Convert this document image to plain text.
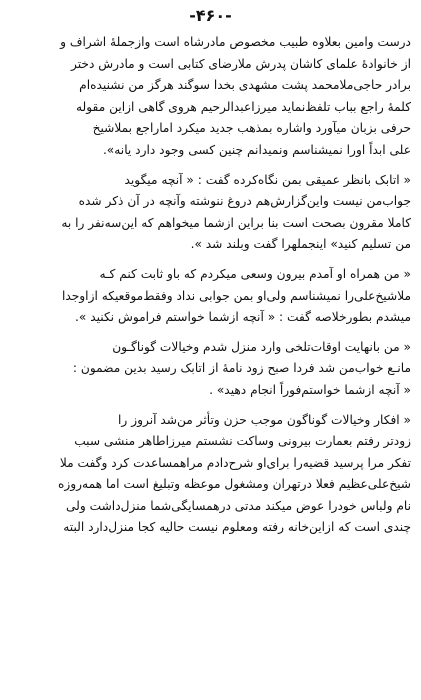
-۴۶۰-
درست وامین بعلاوه طبیب مخصوص مادرشاه است وازجملهٔ اشراف و
از خانوادهٔ علمای کاشان پدرش ملارضای کتابی است و مادرش دختر
برادر حاجی‌ملامحمد پشت مشهدی بخدا سوگند هرگز من نشنیده‌ام
کلمهٔ راجع بباب تلفظ‌نماید میرزاعبدالرحیم هروی گاهی ازاین مقوله
حرفی بزبان میآورد واشاره بمذهب جدید میکرد اماراجع بملاشیخ
علی ابداً اورا نمیشناسم ونمیدانم چنین کسی وجود دارد یانه».
« اتابک بانظر عمیقی بمن نگاه‌کرده گفت : « آنچه میگوید
جواب‌من نیست واین‌گزارش‌هم دروغ ننوشته وآنچه در آن ذکر شده
کاملا مقرون بصحت است بنا براین ازشما میخواهم که این‌سه‌نفر را به
من تسلیم کنید» اینجملهرا گفت وبلند شد ».
« من همراه او آمدم بیرون وسعی میکردم که باو ثابت کنم کـه
ملاشیخ‌علی‌را نمیشناسم ولی‌او بمن جوابی نداد وفقط‌موقعیکه ازاوجدا
میشدم بطورخلاصه گفت : « آنچه ازشما خواستم فراموش نکنید ».
« من بانهایت اوقات‌تلخی وارد منزل شدم وخیالات گوناگـون
مانـع خواب‌من شد فردا صبح زود نامهٔ از اتابک رسید بدین مضمون :
« آنچه ازشما خواستم‌فوراً انجام دهید» .
« افکار وخیالات گوناگون موجب حزن وتأثر من‌شد آنروز را
زودتر رفتم بعمارت بیرونی وساکت نشستم میرزاطاهر منشی سبب
تفکر مرا پرسید قضیه‌را برای‌او شرح‌دادم مراهمساعدت کرد وگفت ملا
شیخ‌علی‌عظیم فعلا درتهران ومشغول موعظه وتبلیغ است اما همه‌روزه
نام ولباس خودرا عوض میکند مدتی درهمسایگی‌شما منزل‌داشت ولی
چندی است که ازاین‌خانه رفته ومعلوم نیست حالیه کجا منزل‌دارد البته
